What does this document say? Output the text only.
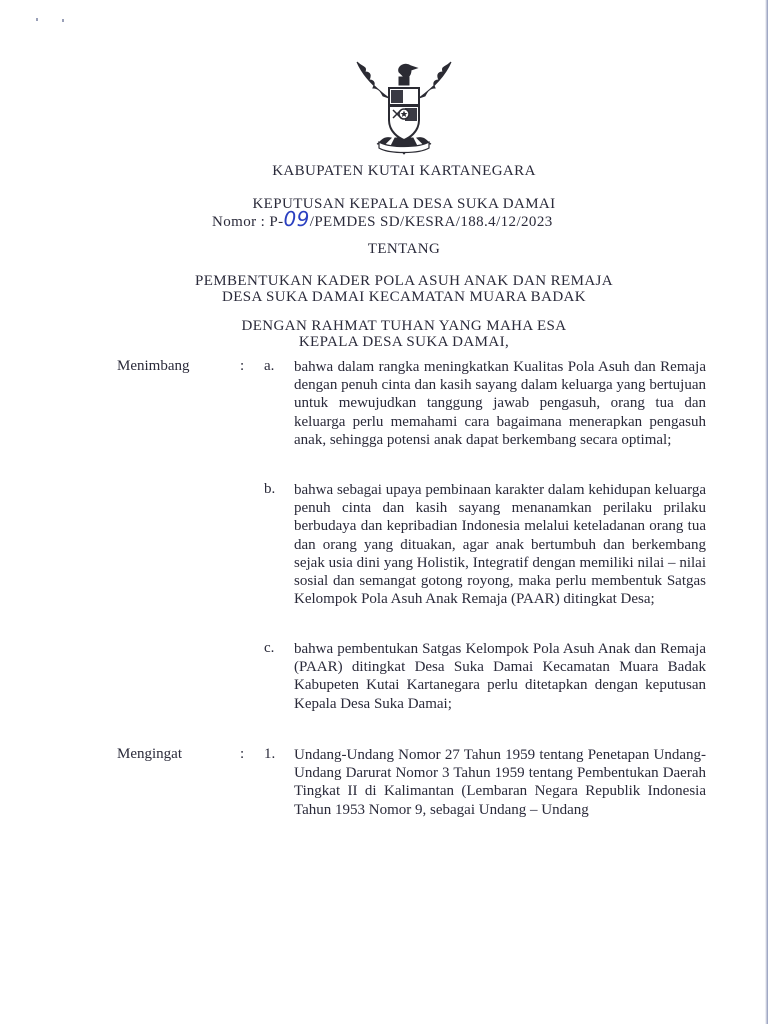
KABUPATEN KUTAI KARTANEGARA
KEPUTUSAN KEPALA DESA SUKA DAMAI
Nomor : P-09/PEMDES SD/KESRA/188.4/12/2023
TENTANG
PEMBENTUKAN KADER POLA ASUH ANAK DAN REMAJA
DESA SUKA DAMAI KECAMATAN MUARA BADAK
DENGAN RAHMAT TUHAN YANG MAHA ESA
KEPALA DESA SUKA DAMAI,
Menimbang	: a. bahwa dalam rangka meningkatkan Kualitas Pola Asuh dan Remaja dengan penuh cinta dan kasih sayang dalam keluarga yang bertujuan untuk mewujudkan tanggung jawab pengasuh, orang tua dan keluarga perlu memahami cara bagaimana menerapkan pengasuh anak, sehingga potensi anak dapat berkembang secara optimal;
b. bahwa sebagai upaya pembinaan karakter dalam kehidupan keluarga penuh cinta dan kasih sayang menanamkan perilaku prilaku berbudaya dan kepribadian Indonesia melalui keteladanan orang tua dan orang yang dituakan, agar anak bertumbuh dan berkembang sejak usia dini yang Holistik, Integratif dengan memiliki nilai – nilai sosial dan semangat gotong royong, maka perlu membentuk Satgas Kelompok Pola Asuh Anak Remaja (PAAR) ditingkat Desa;
c. bahwa pembentukan Satgas Kelompok Pola Asuh Anak dan Remaja (PAAR) ditingkat Desa Suka Damai Kecamatan Muara Badak Kabupeten Kutai Kartanegara perlu ditetapkan dengan keputusan Kepala Desa Suka Damai;
Mengingat	: 1. Undang-Undang Nomor 27 Tahun 1959 tentang Penetapan Undang-Undang Darurat Nomor 3 Tahun 1959 tentang Pembentukan Daerah Tingkat II di Kalimantan (Lembaran Negara Republik Indonesia Tahun 1953 Nomor 9, sebagai Undang – Undang
